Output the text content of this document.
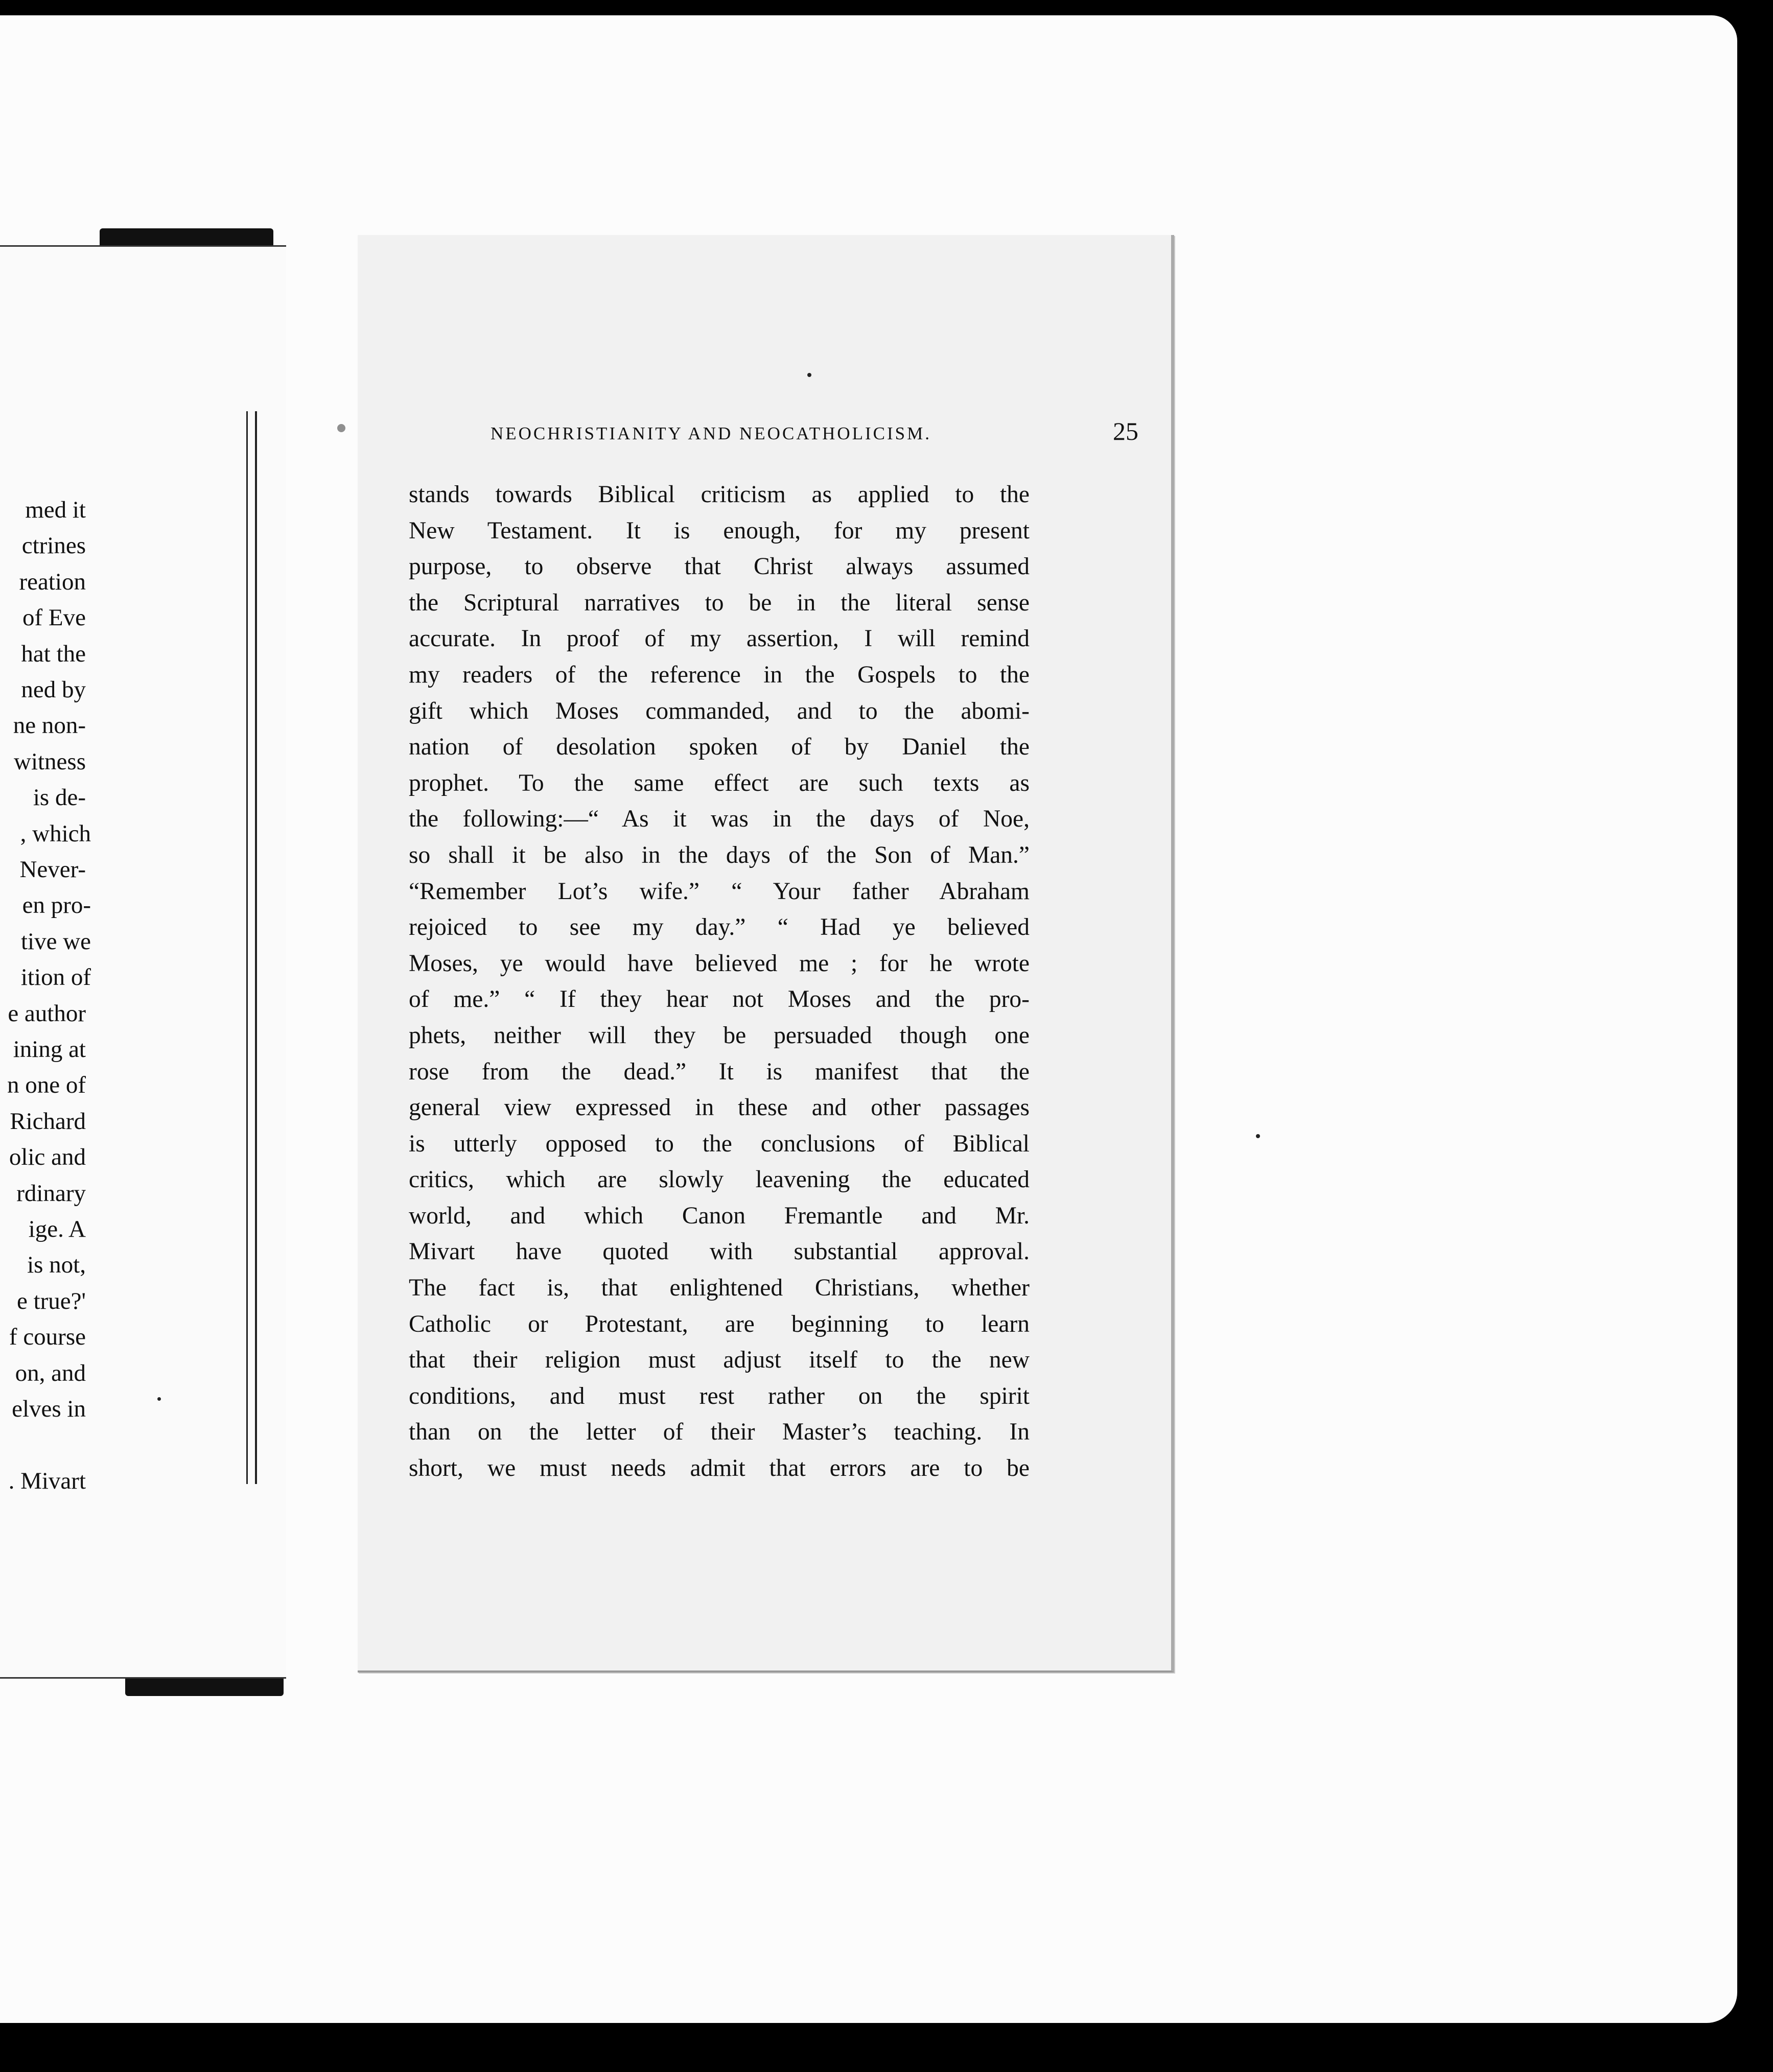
med it
ctrines
reation
of Eve
hat the
ned by
ne non-
witness
is de-
, which
Never-
en pro-
tive we
ition of
e author
ining at
n one of
Richard
olic and
rdinary
ige. A
is not,
e true?'
f course
on, and
elves in
. Mivart
NEOCHRISTIANITY AND NEOCATHOLICISM.	25
stands towards Biblical criticism as applied to the
New Testament. It is enough, for my present
purpose, to observe that Christ always assumed
the Scriptural narratives to be in the literal sense
accurate. In proof of my assertion, I will remind
my readers of the reference in the Gospels to the
gift which Moses commanded, and to the abomi-
nation of desolation spoken of by Daniel the
prophet. To the same effect are such texts as
the following:—“ As it was in the days of Noe,
so shall it be also in the days of the Son of Man.”
“Remember Lot’s wife.” “ Your father Abraham
rejoiced to see my day.” “ Had ye believed
Moses, ye would have believed me ; for he wrote
of me.” “ If they hear not Moses and the pro-
phets, neither will they be persuaded though one
rose from the dead.” It is manifest that the
general view expressed in these and other passages
is utterly opposed to the conclusions of Biblical
critics, which are slowly leavening the educated
world, and which Canon Fremantle and Mr.
Mivart have quoted with substantial approval.
The fact is, that enlightened Christians, whether
Catholic or Protestant, are beginning to learn
that their religion must adjust itself to the new
conditions, and must rest rather on the spirit
than on the letter of their Master’s teaching. In
short, we must needs admit that errors are to be
